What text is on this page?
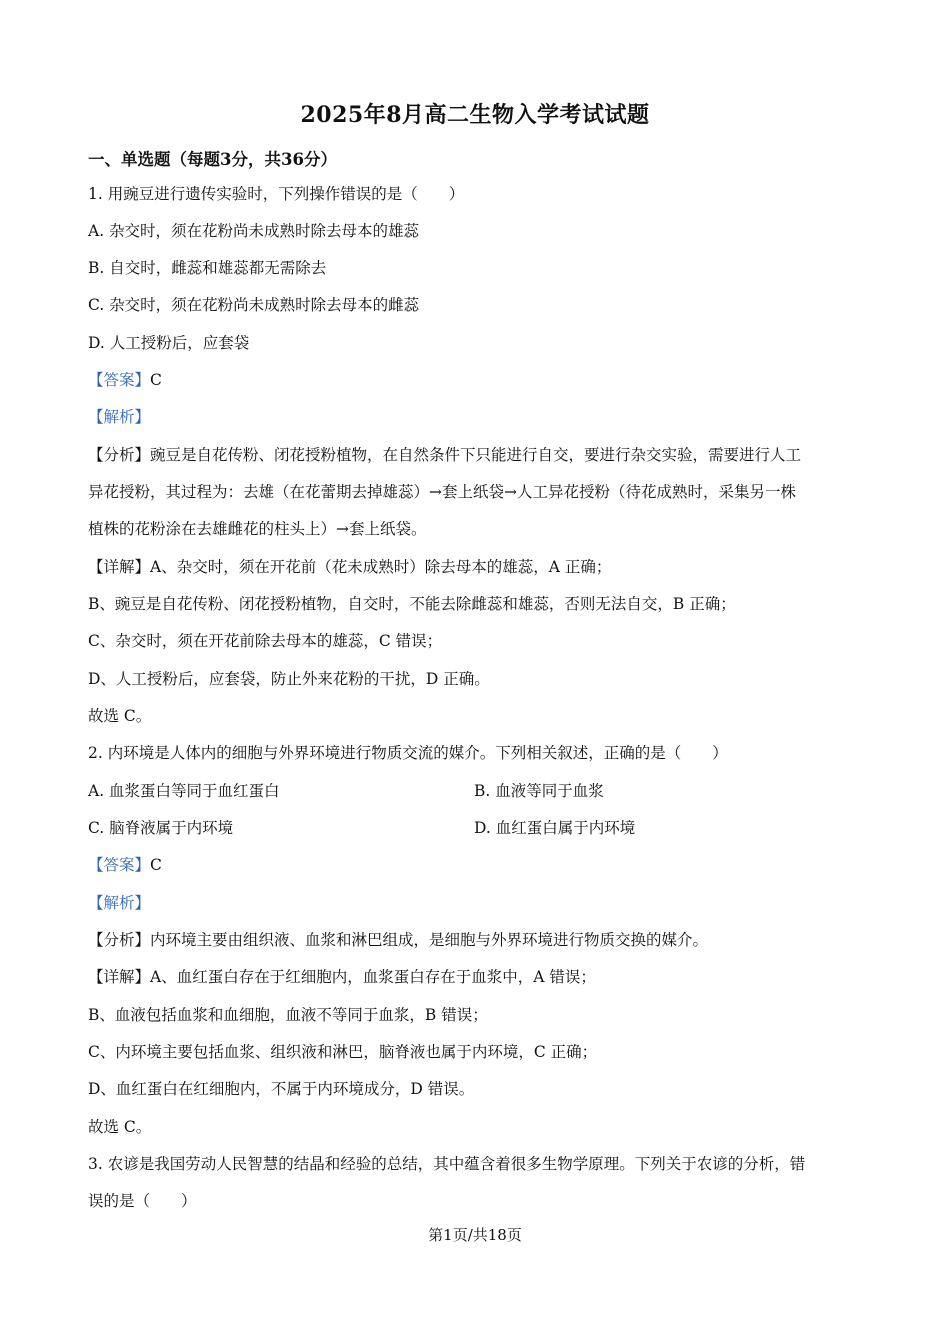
2025年8月高二生物入学考试试题
一、单选题（每题3分，共36分）
1. 用豌豆进行遗传实验时，下列操作错误的是（　　）
A. 杂交时，须在花粉尚未成熟时除去母本的雄蕊
B. 自交时，雌蕊和雄蕊都无需除去
C. 杂交时，须在花粉尚未成熟时除去母本的雌蕊
D. 人工授粉后，应套袋
【答案】C
【解析】
【分析】豌豆是自花传粉、闭花授粉植物，在自然条件下只能进行自交，要进行杂交实验，需要进行人工
异花授粉，其过程为：去雄（在花蕾期去掉雄蕊）→套上纸袋→人工异花授粉（待花成熟时，采集另一株
植株的花粉涂在去雄雌花的柱头上）→套上纸袋。
【详解】A、杂交时，须在开花前（花未成熟时）除去母本的雄蕊，A 正确；
B、豌豆是自花传粉、闭花授粉植物，自交时，不能去除雌蕊和雄蕊，否则无法自交，B 正确；
C、杂交时，须在开花前除去母本的雄蕊，C 错误；
D、人工授粉后，应套袋，防止外来花粉的干扰，D 正确。
故选 C。
2. 内环境是人体内的细胞与外界环境进行物质交流的媒介。下列相关叙述，正确的是（　　）
A. 血浆蛋白等同于血红蛋白	B. 血液等同于血浆
C. 脑脊液属于内环境	D. 血红蛋白属于内环境
【答案】C
【解析】
【分析】内环境主要由组织液、血浆和淋巴组成，是细胞与外界环境进行物质交换的媒介。
【详解】A、血红蛋白存在于红细胞内，血浆蛋白存在于血浆中，A 错误；
B、血液包括血浆和血细胞，血液不等同于血浆，B 错误；
C、内环境主要包括血浆、组织液和淋巴，脑脊液也属于内环境，C 正确；
D、血红蛋白在红细胞内，不属于内环境成分，D 错误。
故选 C。
3. 农谚是我国劳动人民智慧的结晶和经验的总结，其中蕴含着很多生物学原理。下列关于农谚的分析，错
误的是（　　）
第1页/共18页
